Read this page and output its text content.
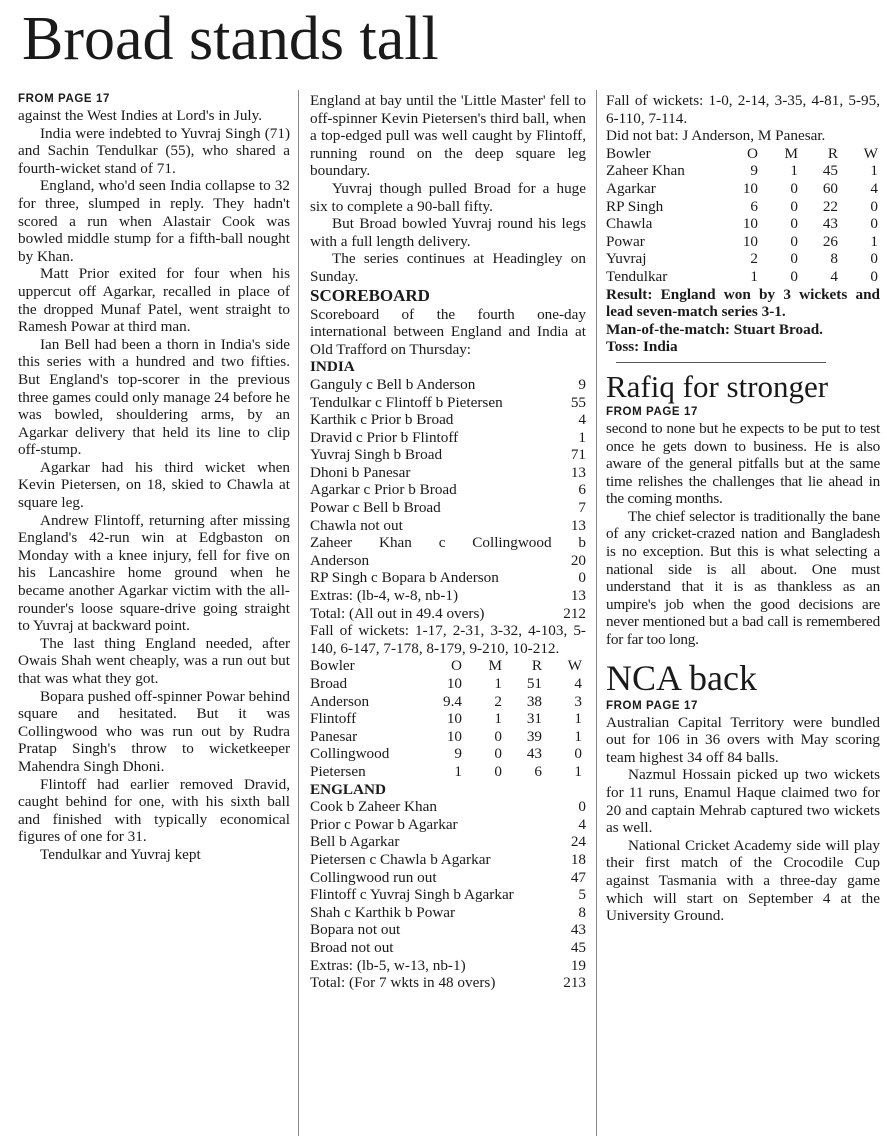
Broad stands tall
FROM PAGE 17

against the West Indies at Lord's in July.

India were indebted to Yuvraj Singh (71) and Sachin Tendulkar (55), who shared a fourth-wicket stand of 71.

England, who'd seen India collapse to 32 for three, slumped in reply. They hadn't scored a run when Alastair Cook was bowled middle stump for a fifth-ball nought by Khan.

Matt Prior exited for four when his uppercut off Agarkar, recalled in place of the dropped Munaf Patel, went straight to Ramesh Powar at third man.

Ian Bell had been a thorn in India's side this series with a hundred and two fifties. But England's top-scorer in the previous three games could only manage 24 before he was bowled, shouldering arms, by an Agarkar delivery that held its line to clip off-stump.

Agarkar had his third wicket when Kevin Pietersen, on 18, skied to Chawla at square leg.

Andrew Flintoff, returning after missing England's 42-run win at Edgbaston on Monday with a knee injury, fell for five on his Lancashire home ground when he became another Agarkar victim with the all-rounder's loose square-drive going straight to Yuvraj at backward point.

The last thing England needed, after Owais Shah went cheaply, was a run out but that was what they got.

Bopara pushed off-spinner Powar behind square and hesitated. But it was Collingwood who was run out by Rudra Pratap Singh's throw to wicketkeeper Mahendra Singh Dhoni.

Flintoff had earlier removed Dravid, caught behind for one, with his sixth ball and finished with typically economical figures of one for 31.

Tendulkar and Yuvraj kept

England at bay until the 'Little Master' fell to off-spinner Kevin Pietersen's third ball, when a top-edged pull was well caught by Flintoff, running round on the deep square leg boundary.

Yuvraj though pulled Broad for a huge six to complete a 90-ball fifty.

But Broad bowled Yuvraj round his legs with a full length delivery.

The series continues at Headingley on Sunday.

SCOREBOARD

Scoreboard of the fourth one-day international between England and India at Old Trafford on Thursday:

INDIA
Ganguly c Bell b Anderson	9
Tendulkar c Flintoff b Pietersen	55
Karthik c Prior b Broad	4
Dravid c Prior b Flintoff	1
Yuvraj Singh b Broad	71
Dhoni b Panesar	13
Agarkar c Prior b Broad	6
Powar c Bell b Broad	7
Chawla not out	13
Zaheer Khan c Collingwood b
Anderson	20
RP Singh c Bopara b Anderson	0
Extras: (lb-4, w-8, nb-1)	13
Total: (All out in 49.4 overs)	212

Fall of wickets: 1-17, 2-31, 3-32, 4-103, 5-140, 6-147, 7-178, 8-179, 9-210, 10-212.

Bowler	O	M	R	W
Broad	10	1	51	4
Anderson	9.4	2	38	3
Flintoff	10	1	31	1
Panesar	10	0	39	1
Collingwood	9	0	43	0
Pietersen	1	0	6	1
ENGLAND
Cook b Zaheer Khan	0
Prior c Powar b Agarkar	4
Bell b Agarkar	24
Pietersen c Chawla b Agarkar	18
Collingwood run out	47
Flintoff c Yuvraj Singh b Agarkar	5
Shah c Karthik b Powar	8
Bopara not out	43
Broad not out	45
Extras: (lb-5, w-13, nb-1)	19
Total: (For 7 wkts in 48 overs)	213

Fall of wickets: 1-0, 2-14, 3-35, 4-81, 5-95, 6-110, 7-114.

Did not bat: J Anderson, M Panesar.

Bowler	O	M	R	W
Zaheer Khan	9	1	45	1
Agarkar	10	0	60	4
RP Singh	6	0	22	0
Chawla	10	0	43	0
Powar	10	0	26	1
Yuvraj	2	0	8	0
Tendulkar	1	0	4	0

Result: England won by 3 wickets and lead seven-match series 3-1.

Man-of-the-match: Stuart Broad.

Toss: India

Rafiq for stronger
FROM PAGE 17

second to none but he expects to be put to test once he gets down to business. He is also aware of the general pitfalls but at the same time relishes the challenges that lie ahead in the coming months.

The chief selector is traditionally the bane of any cricket-crazed nation and Bangladesh is no exception. But this is what selecting a national side is all about. One must understand that it is as thankless as an umpire's job when the good decisions are never mentioned but a bad call is remembered for far too long.

NCA back
FROM PAGE 17

Australian Capital Territory were bundled out for 106 in 36 overs with May scoring team highest 34 off 84 balls.

Nazmul Hossain picked up two wickets for 11 runs, Enamul Haque claimed two for 20 and captain Mehrab captured two wickets as well.

National Cricket Academy side will play their first match of the Crocodile Cup against Tasmania with a three-day game which will start on September 4 at the University Ground.
